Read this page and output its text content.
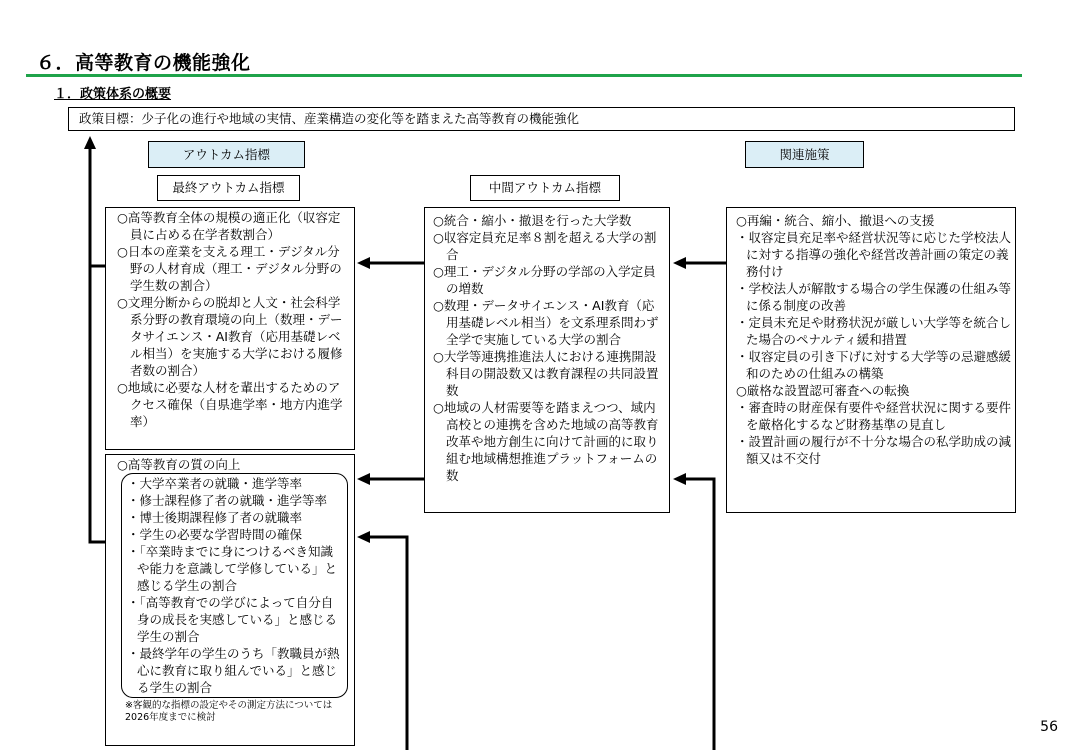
６．高等教育の機能強化
１．政策体系の概要
政策目標：少子化の進行や地域の実情、産業構造の変化等を踏まえた高等教育の機能強化
アウトカム指標	関連施策
最終アウトカム指標	中間アウトカム指標

○高等教育全体の規模の適正化（収容定員に占める在学者数割合）

○日本の産業を支える理工・デジタル分野の人材育成（理工・デジタル分野の学生数の割合）

○文理分断からの脱却と人文・社会科学系分野の教育環境の向上（数理・データサイエンス・AI教育（応用基礎レベル相当）を実施する大学における履修者数の割合）

○地域に必要な人材を輩出するためのアクセス確保（自県進学率・地方内進学率）

○高等教育の質の向上

・大学卒業者の就職・進学等率

・修士課程修了者の就職・進学等率

・博士後期課程修了者の就職率

・学生の必要な学習時間の確保

・「卒業時までに身につけるべき知識や能力を意識して学修している」と感じる学生の割合

・「高等教育での学びによって自分自身の成長を実感している」と感じる学生の割合

・最終学年の学生のうち「教職員が熱心に教育に取り組んでいる」と感じる学生の割合

※客観的な指標の設定やその測定方法については2026年度までに検討

○統合・縮小・撤退を行った大学数

○収容定員充足率８割を超える大学の割合

○理工・デジタル分野の学部の入学定員の増数

○数理・データサイエンス・AI教育（応用基礎レベル相当）を文系理系問わず全学で実施している大学の割合

○大学等連携推進法人における連携開設科目の開設数又は教育課程の共同設置数

○地域の人材需要等を踏まえつつ、域内高校との連携を含めた地域の高等教育改革や地方創生に向けて計画的に取り組む地域構想推進プラットフォームの数

○再編・統合、縮小、撤退への支援

・収容定員充足率や経営状況等に応じた学校法人に対する指導の強化や経営改善計画の策定の義務付け

・学校法人が解散する場合の学生保護の仕組み等に係る制度の改善

・定員未充足や財務状況が厳しい大学等を統合した場合のペナルティ緩和措置

・収容定員の引き下げに対する大学等の忌避感緩和のための仕組みの構築

○厳格な設置認可審査への転換

・審査時の財産保有要件や経営状況に関する要件を厳格化するなど財務基準の見直し

・設置計画の履行が不十分な場合の私学助成の減額又は不交付

56
